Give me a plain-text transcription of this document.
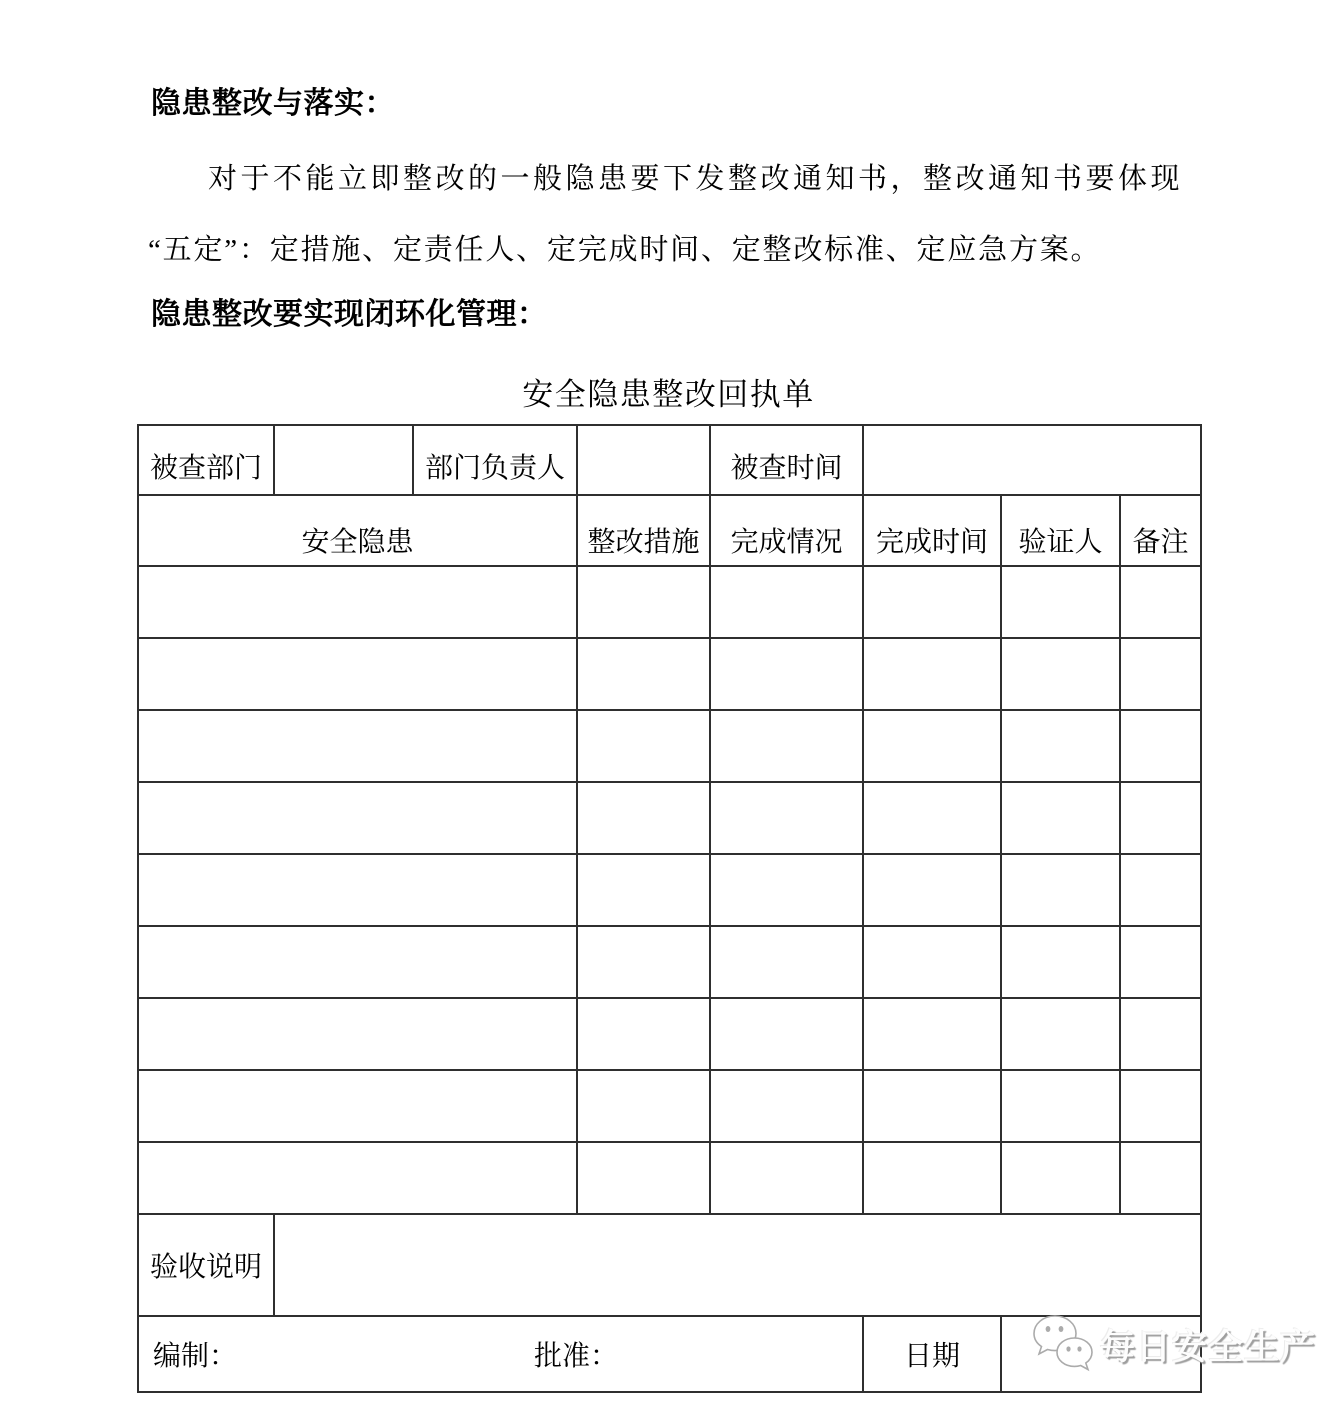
隐患整改与落实：
对于不能立即整改的一般隐患要下发整改通知书，整改通知书要体现
“五定”：定措施、定责任人、定完成时间、定整改标准、定应急方案。
隐患整改要实现闭环化管理：
安全隐患整改回执单
被查部门		部门负责人		被查时间			
安全隐患			整改措施	完成情况	完成时间	验证人	备注

验收说明							

编制： 批准：					日期			每日安全生产
